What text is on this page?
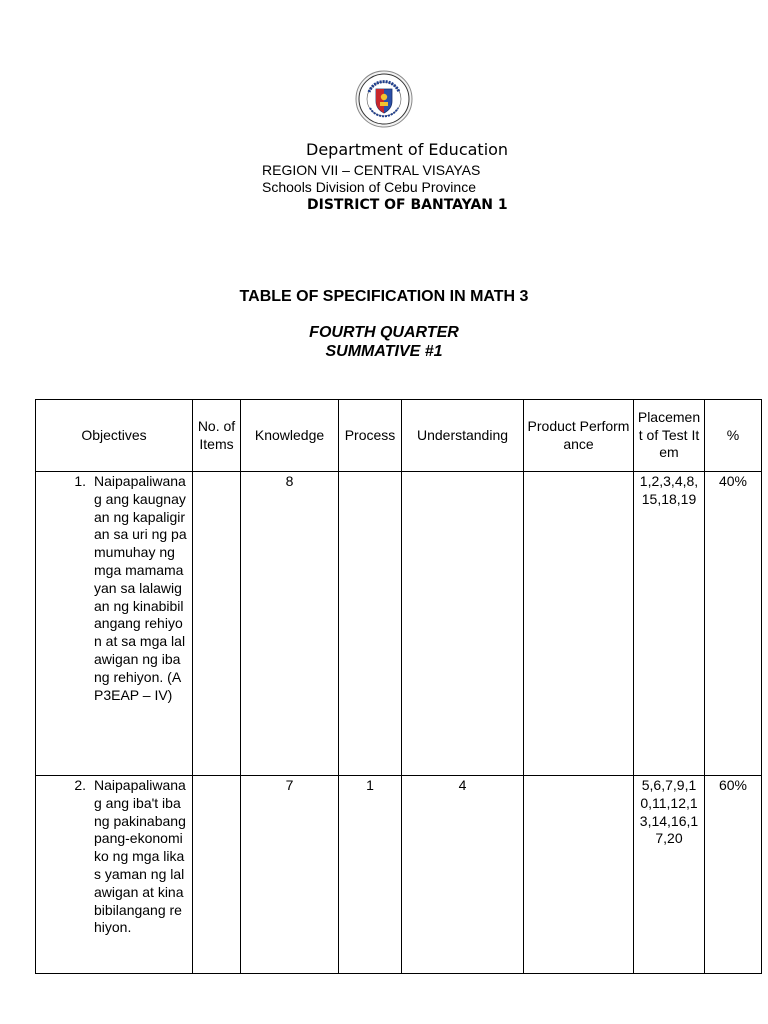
Department of Education
REGION VII – CENTRAL VISAYAS
Schools Division of Cebu Province
DISTRICT OF BANTAYAN 1
TABLE OF SPECIFICATION IN MATH 3
FOURTH QUARTER
SUMMATIVE #1
Objectives	No. of Items	Knowledge	Process	Understanding	Product Performance	Placement of Test Item	%

1. Naipapaliwanag ang kaugnayan ng kapaligiran sa uri ng pamumuhay ng mga mamamayan sa lalawigan ng kinabibilangang rehiyon at sa mga lalawigan ng ibang rehiyon. (AP3EAP – IV)		8				1,2,3,4,8,15,18,19	40%

2. Naipapaliwanag ang iba't ibang pakinabang pang-ekonomiko ng mga likas yaman ng lalawigan at kinabibilangang rehiyon.		7	1	4		5,6,7,9,10,11,12,13,14,16,17,20	60%
